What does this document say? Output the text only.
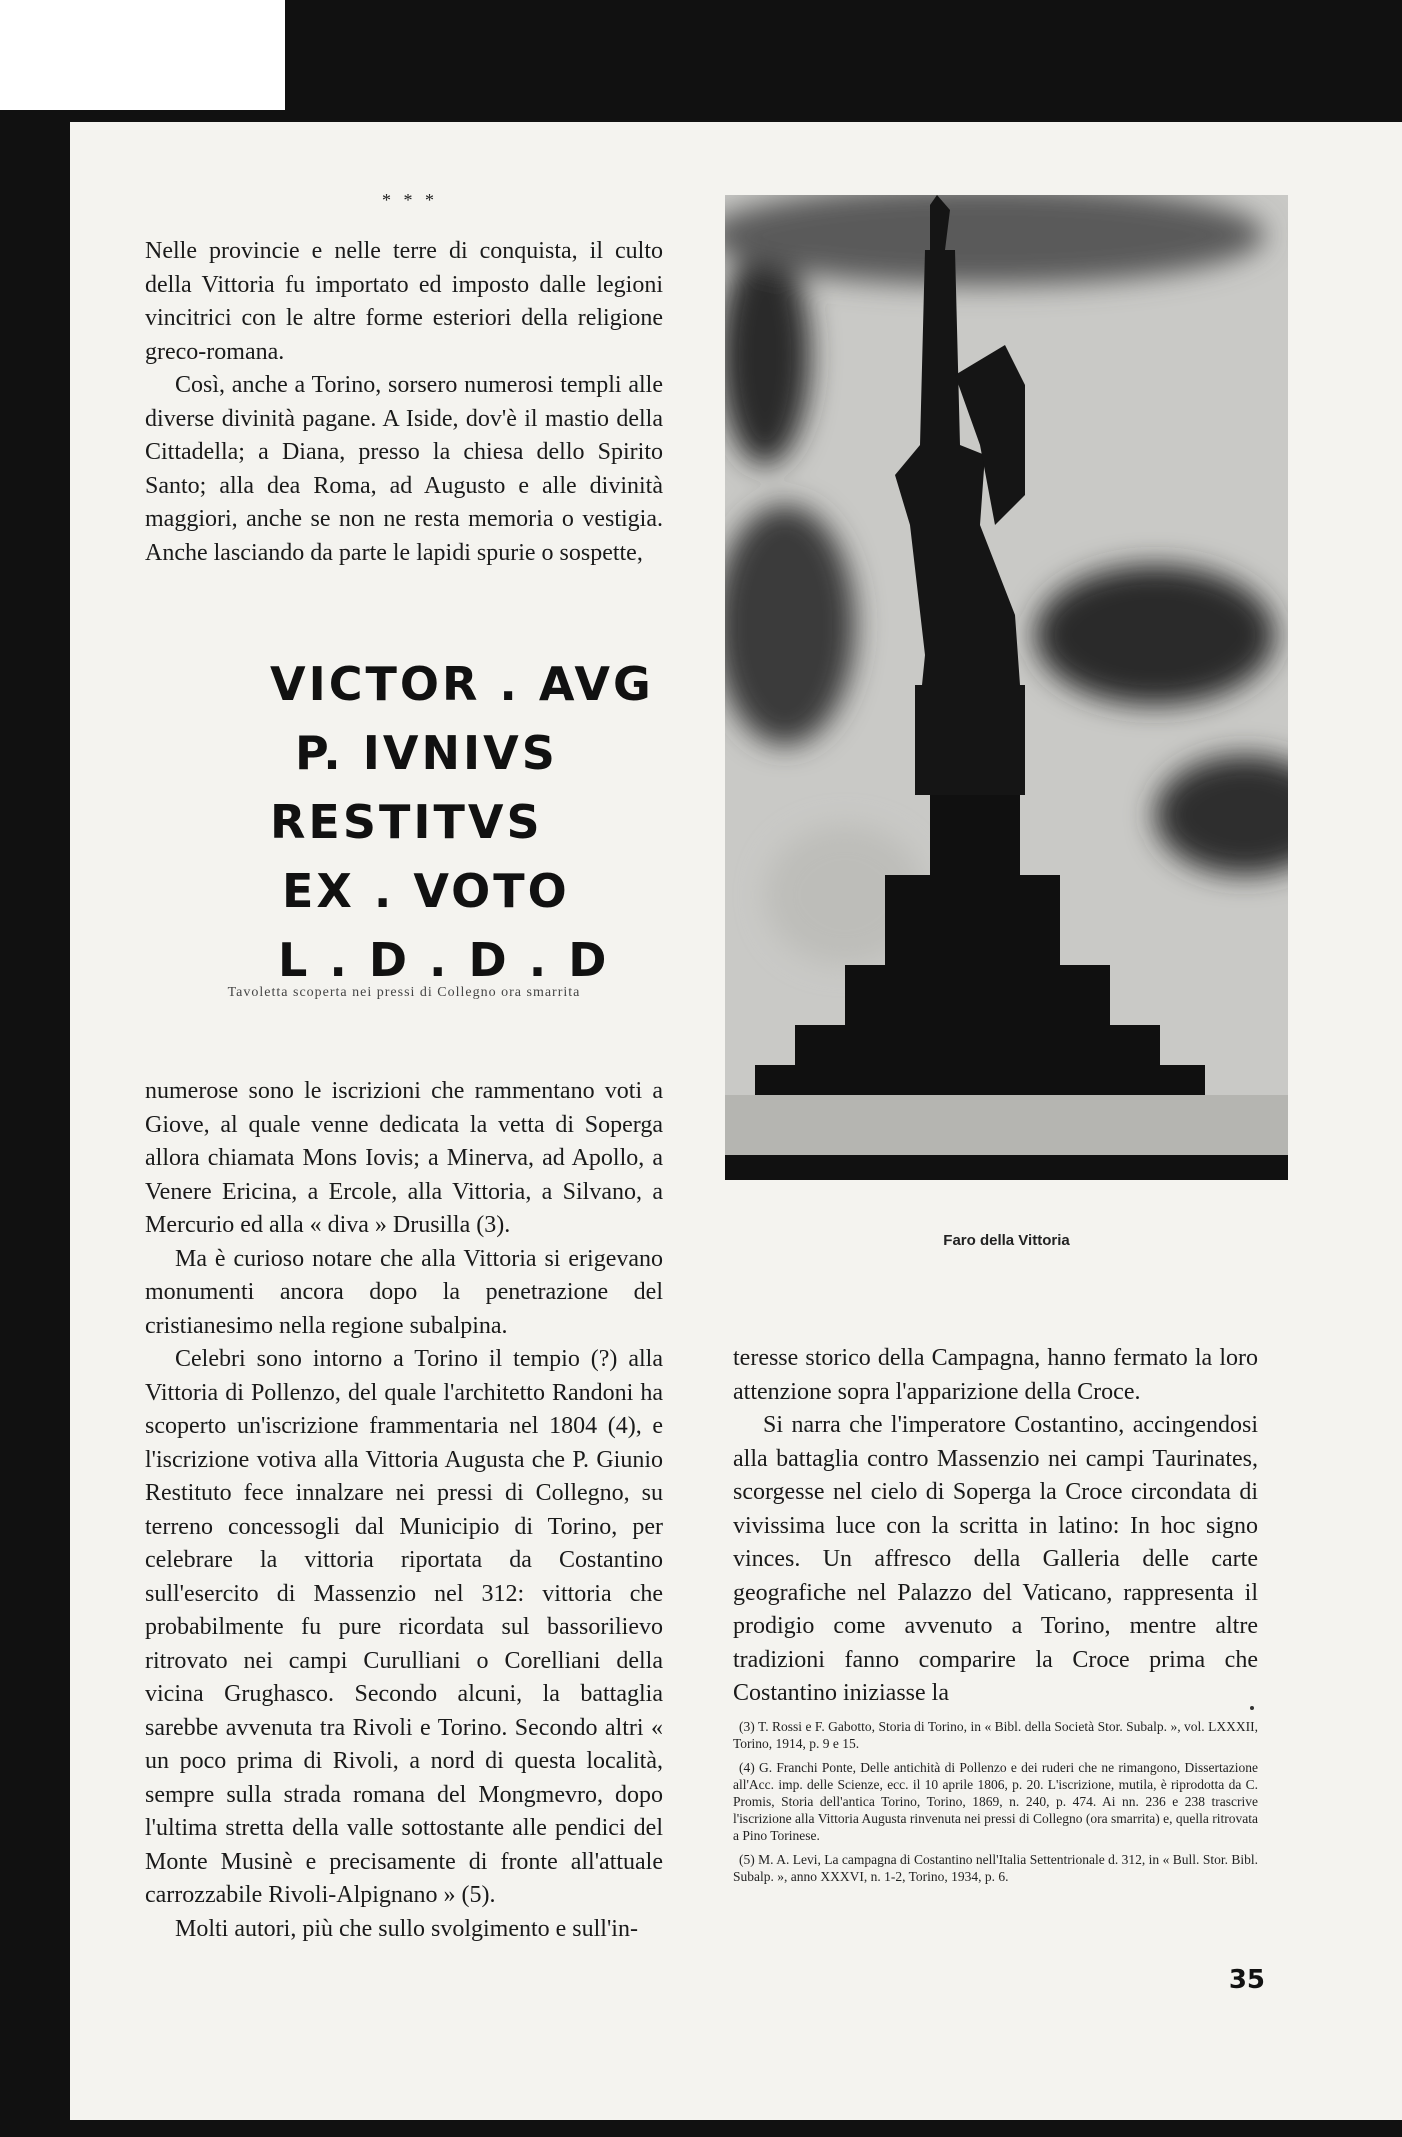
* * *

Nelle provincie e nelle terre di conquista, il culto della Vittoria fu importato ed imposto dalle legioni vincitrici con le altre forme esteriori della religione greco-romana.

Così, anche a Torino, sorsero numerosi templi alle diverse divinità pagane. A Iside, dov'è il mastio della Cittadella; a Diana, presso la chiesa dello Spirito Santo; alla dea Roma, ad Augusto e alle divinità maggiori, anche se non ne resta memoria o vestigia. Anche lasciando da parte le lapidi spurie o sospette,

VICTOR . AVG
P. IVNIVS
RESTITVS
EX . VOTO
L . D . D . D
Tavoletta scoperta nei pressi di Collegno ora smarrita

numerose sono le iscrizioni che rammentano voti a Giove, al quale venne dedicata la vetta di Soperga allora chiamata Mons Iovis; a Minerva, ad Apollo, a Venere Ericina, a Ercole, alla Vittoria, a Silvano, a Mercurio ed alla « diva » Drusilla (3).

Ma è curioso notare che alla Vittoria si erigevano monumenti ancora dopo la penetrazione del cristianesimo nella regione subalpina.

Celebri sono intorno a Torino il tempio (?) alla Vittoria di Pollenzo, del quale l'architetto Randoni ha scoperto un'iscrizione frammentaria nel 1804 (4), e l'iscrizione votiva alla Vittoria Augusta che P. Giunio Restituto fece innalzare nei pressi di Collegno, su terreno concessogli dal Municipio di Torino, per celebrare la vittoria riportata da Costantino sull'esercito di Massenzio nel 312: vittoria che probabilmente fu pure ricordata sul bassorilievo ritrovato nei campi Curulliani o Corelliani della vicina Grughasco. Secondo alcuni, la battaglia sarebbe avvenuta tra Rivoli e Torino. Secondo altri « un poco prima di Rivoli, a nord di questa località, sempre sulla strada romana del Mongmevro, dopo l'ultima stretta della valle sottostante alle pendici del Monte Musinè e precisamente di fronte all'attuale carrozzabile Rivoli-Alpignano » (5).

Molti autori, più che sullo svolgimento e sull'in-

Faro della Vittoria

teresse storico della Campagna, hanno fermato la loro attenzione sopra l'apparizione della Croce.

Si narra che l'imperatore Costantino, accingendosi alla battaglia contro Massenzio nei campi Taurinates, scorgesse nel cielo di Soperga la Croce circondata di vivissima luce con la scritta in latino: In hoc signo vinces. Un affresco della Galleria delle carte geografiche nel Palazzo del Vaticano, rappresenta il prodigio come avvenuto a Torino, mentre altre tradizioni fanno comparire la Croce prima che Costantino iniziasse la

(3) T. Rossi e F. Gabotto, Storia di Torino, in « Bibl. della Società Stor. Subalp. », vol. LXXXII, Torino, 1914, p. 9 e 15.

(4) G. Franchi Ponte, Delle antichità di Pollenzo e dei ruderi che ne rimangono, Dissertazione all'Acc. imp. delle Scienze, ecc. il 10 aprile 1806, p. 20. L'iscrizione, mutila, è riprodotta da C. Promis, Storia dell'antica Torino, Torino, 1869, n. 240, p. 474. Ai nn. 236 e 238 trascrive l'iscrizione alla Vittoria Augusta rinvenuta nei pressi di Collegno (ora smarrita) e, quella ritrovata a Pino Torinese.

(5) M. A. Levi, La campagna di Costantino nell'Italia Settentrionale d. 312, in « Bull. Stor. Bibl. Subalp. », anno XXXVI, n. 1-2, Torino, 1934, p. 6.

35
